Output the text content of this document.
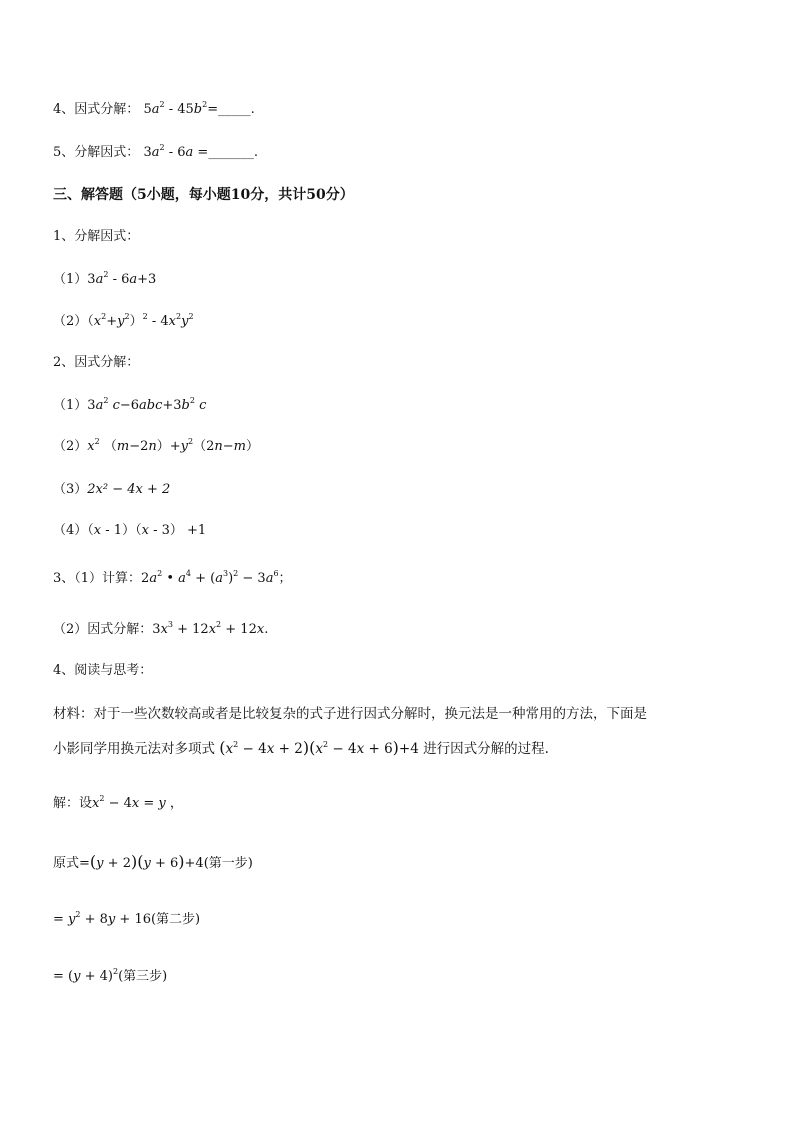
4、因式分解： $5a^2$ - $45b^2=\_\_\_\_\_$.
5、分解因式： $3a^2 - 6a$ =_______.
三、解答题（5小题，每小题10分，共计50分）
1、分解因式：
$(1)3a^2 - 6a+3$
$(2)(x^2+y^2)^2 - 4x^2y^2$
2、因式分解：
$(1)3a^2$ $c-6abc+3b^2$ c
$(2)x^2$ $(m-2n)+y^2(2n-m)$
（3）2x² − 4x + 2
（4）（x - 1）（x - 3） +1
3、（1）计算：$2a^2$ • $a^4 + (a^3)^2 - 3a^6$；
（2）因式分解：$3x^3 + 12x^2 + 12x$.
4、阅读与思考：
材料：对于一些次数较高或者是比较复杂的式子进行因式分解时，换元法是一种常用的方法，下面是
小影同学用换元法对多项式 $(x^2 - 4x + 2)(x^2 - 4x + 6)+4$ 进行因式分解的过程.
解：设$x^2 - 4x = y$ ，
原式=(y + 2)(y + 6)+4(第一步)
= $y^2 + 8y + 16$(第二步)
= $(y + 4)^2$(第三步)
